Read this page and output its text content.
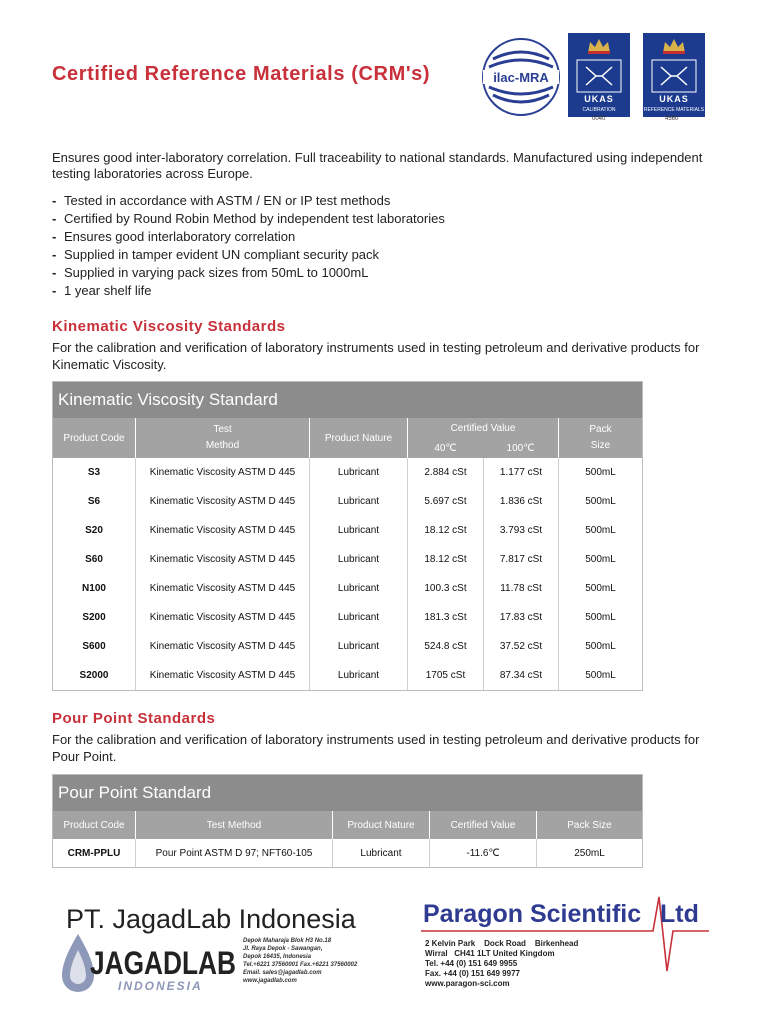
Certified Reference Materials (CRM's)	ilac-MRA
UKAS
CALIBRATION
0040
UKAS
REFERENCE MATERIALS
4560
Ensures good inter-laboratory correlation. Full traceability to national standards. Manufactured using independent testing laboratories across Europe.
- Tested in accordance with ASTM / EN or IP test methods
- Certified by Round Robin Method by independent test laboratories
- Ensures good interlaboratory correlation
- Supplied in tamper evident UN compliant security pack
- Supplied in varying pack sizes from 50mL to 1000mL
- 1 year shelf life
Kinematic Viscosity Standards
For the calibration and verification of laboratory instruments used in testing petroleum and derivative products for Kinematic Viscosity.
Kinematic Viscosity Standard
Product Code
Test
Method
Product Nature
Certified Value
40℃	100℃
Pack
Size
S3	Kinematic Viscosity ASTM D 445	Lubricant	2.884 cSt	1.177 cSt	500mL
S6	Kinematic Viscosity ASTM D 445	Lubricant	5.697 cSt	1.836 cSt	500mL
S20	Kinematic Viscosity ASTM D 445	Lubricant	18.12 cSt	3.793 cSt	500mL
S60	Kinematic Viscosity ASTM D 445	Lubricant	18.12 cSt	7.817 cSt	500mL
N100	Kinematic Viscosity ASTM D 445	Lubricant	100.3 cSt	11.78 cSt	500mL
S200	Kinematic Viscosity ASTM D 445	Lubricant	181.3 cSt	17.83 cSt	500mL
S600	Kinematic Viscosity ASTM D 445	Lubricant	524.8 cSt	37.52 cSt	500mL
S2000	Kinematic Viscosity ASTM D 445	Lubricant	1705 cSt	87.34 cSt	500mL
Pour Point Standards
For the calibration and verification of laboratory instruments used in testing petroleum and derivative products for Pour Point.
Pour Point Standard
Product Code	Test Method	Product Nature	Certified Value	Pack Size
CRM-PPLU	Pour Point ASTM D 97; NFT60-105	Lubricant	-11.6℃	250mL
PT. JagadLab Indonesia
JAGADLAB
INDONESIA
Depok Maharaja Blok H3 No.18
Jl. Raya Depok - Sawangan,
Depok 16435, Indonesia
Tel.+6221 37560001 Fax.+6221 37560002
Email. sales@jagadlab.com
www.jagadlab.com
Paragon Scientific Ltd
2 Kelvin Park    Dock Road    Birkenhead
Wirral   CH41 1LT United Kingdom
Tel. +44 (0) 151 649 9955
Fax. +44 (0) 151 649 9977
www.paragon-sci.com
